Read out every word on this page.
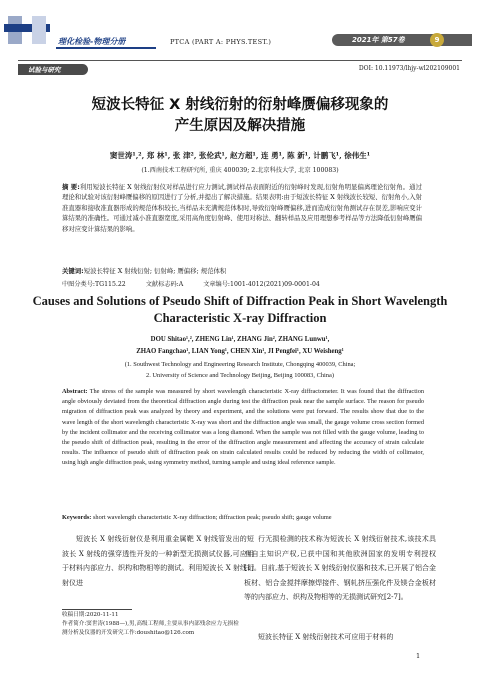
理化检验-物理分册	PTCA (PART A: PHYS.TEST.)	2021年 第57卷	9
试验与研究	DOI: 10.11973/lhjy-wl202109001
短波长特征 X 射线衍射的衍射峰赝偏移现象的
产生原因及解决措施
窦世涛¹,², 郑 林¹, 张 津², 张伦武¹, 赵方超¹, 连 勇¹, 陈 新¹, 计鹏飞¹, 徐伟生¹
(1.西南技术工程研究所, 重庆 400039; 2.北京科技大学, 北京 100083)
摘 要:利用短波长特征 X 射线衍射仪对样品进行应力测试,测试样品表面附近的衍射峰时发现,衍射角明显偏离理论衍射角。通过理论和试验对该衍射峰赝偏移的原因进行了分析,并提出了解决措施。结果表明:由于短波长特征 X 射线波长较短、衍射角小,入射准直器和接收准直器形成的规范体积较长,当样品未充满规范体积时,导致衍射峰赝偏移,进而造成衍射角测试存在误差,影响应变计算结果的准确性。可通过减小准直器宽度,采用高角度衍射峰、使用对称法、翻转样品及应用理想参考样品等方法降低衍射峰赝偏移对应变计算结果的影响。
关键词:短波长特征 X 射线衍射; 衍射峰; 赝偏移; 规范体积
中图分类号:TG115.22	文献标志码:A	文章编号:1001-4012(2021)09-0001-04
Causes and Solutions of Pseudo Shift of Diffraction Peak in Short Wavelength
Characteristic X-ray Diffraction
DOU Shitao¹,², ZHENG Lin¹, ZHANG Jin², ZHANG Lunwu¹,
ZHAO Fangchao¹, LIAN Yong¹, CHEN Xin¹, JI Pengfei¹, XU Weisheng¹
(1. Southwest Technology and Engineering Research Institute, Chongqing 400039, China;
2. University of Science and Technology Beijing, Beijing 100083, China)
Abstract: The stress of the sample was measured by short wavelength characteristic X-ray diffractometer. It was found that the diffraction angle obviously deviated from the theoretical diffraction angle during test the diffraction peak near the sample surface. The reason for pseudo migration of diffraction peak was analyzed by theory and experiment, and the solutions were put forward. The results show that due to the wave length of the short wavelength characteristic X-ray was short and the diffraction angle was small, the gauge volume cross section formed by the incident collimator and the receiving collimator was a long diamond. When the sample was not filled with the gauge volume, leading to the pseudo shift of diffraction peak, resulting in the error of the diffraction angle measurement and affecting the accuracy of strain calculate results. The influence of pseudo shift of diffraction peak on strain calculated results could be reduced by reducing the width of collimator, using high angle diffraction peak, using symmetry method, turning sample and using ideal reference sample.
Keywords: short wavelength characteristic X-ray diffraction; diffraction peak; pseudo shift; gauge volume

短波长 X 射线衍射仪是利用重金属靶 X 射线管发出的短波长 X 射线的强穿透性开发的一种新型无损测试仪器,可应用于材料内部应力、织构和物相等的测试。利用短波长 X 射线衍射仪进

行无损检测的技术称为短波长 X 射线衍射技术,该技术具有自主知识产权,已获中国和其他欧洲国家的发明专利授权[1]。目前,基于短波长 X 射线衍射仪器和技术,已开展了铝合金板材、铝合金搅拌摩擦焊接件、钢轧挤压强化件及镁合金板材等的内部应力、织构及物相等的无损测试研究[2-7]。

短波长特征 X 射线衍射技术可应用于材料的
收稿日期:2020-11-11
作者简介:窦世涛(1988—),男,高级工程师,主要从事内部残余应力无损检测分析及仪器的开发研究工作:doushitao@126.com
1
